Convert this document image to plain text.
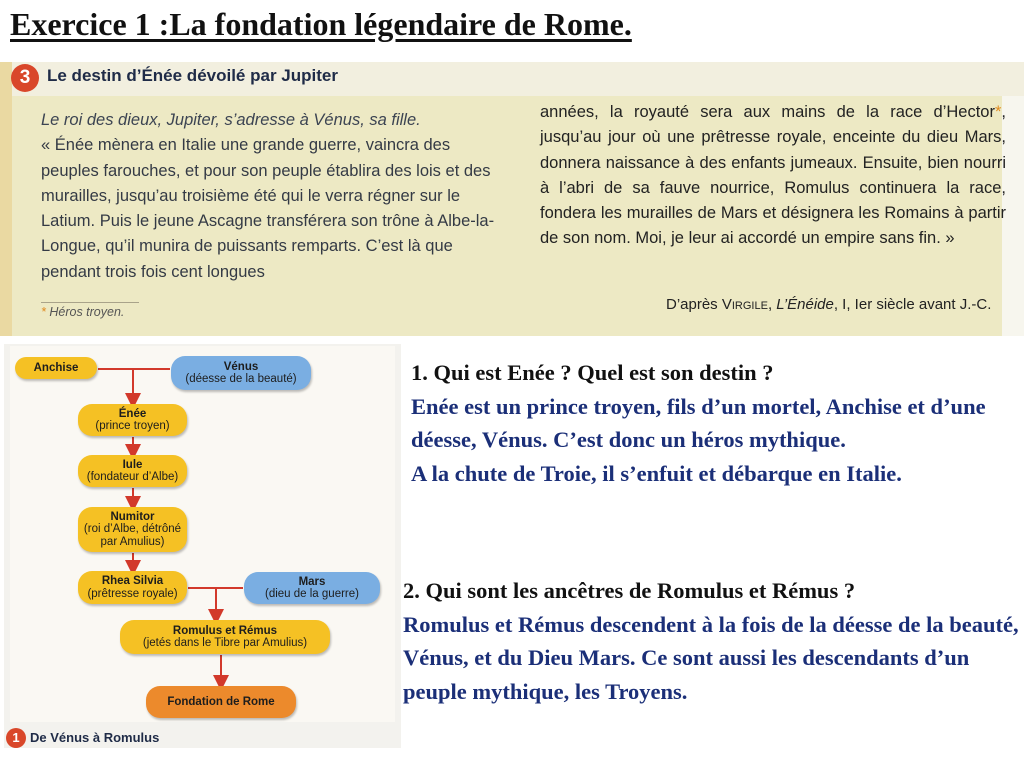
Exercice 1 :La fondation légendaire de Rome.
3 Le destin d’Énée dévoilé par Jupiter

Le roi des dieux, Jupiter, s’adresse à Vénus, sa fille.

« Énée mènera en Italie une grande guerre, vaincra des peuples farouches, et pour son peuple établira des lois et des murailles, jusqu’au troisième été qui le verra régner sur le Latium. Puis le jeune Ascagne transférera son trône à Albe-la-Longue, qu’il munira de puissants remparts. C’est là que pendant trois fois cent longues

années, la royauté sera aux mains de la race d’Hector*, jusqu’au jour où une prêtresse royale, enceinte du dieu Mars, donnera naissance à des enfants jumeaux. Ensuite, bien nourri à l’abri de sa fauve nourrice, Romulus continuera la race, fondera les murailles de Mars et désignera les Romains à partir de son nom. Moi, je leur ai accordé un empire sans fin. »

* Héros troyen.	D’après Virgile, L’Énéide, I, Ier siècle avant J.-C.
Anchise	Vénus
(déesse de la beauté)
Énée
(prince troyen)
Iule
(fondateur d’Albe)
Numitor
(roi d’Albe, détrôné par Amulius)
Rhea Silvia
(prêtresse royale)
Mars
(dieu de la guerre)
Romulus et Rémus
(jetés dans le Tibre par Amulius)
Fondation de Rome
1 De Vénus à Romulus

1. Qui est Enée ? Quel est son destin ?

Enée est un prince troyen, fils d’un mortel, Anchise et d’une déesse, Vénus. C’est donc un héros mythique.

A la chute de Troie, il s’enfuit et débarque en Italie.

2. Qui sont les ancêtres de Romulus et Rémus ?

Romulus et Rémus descendent à la fois de la déesse de la beauté, Vénus, et du Dieu Mars. Ce sont aussi les descendants d’un peuple mythique, les Troyens.
